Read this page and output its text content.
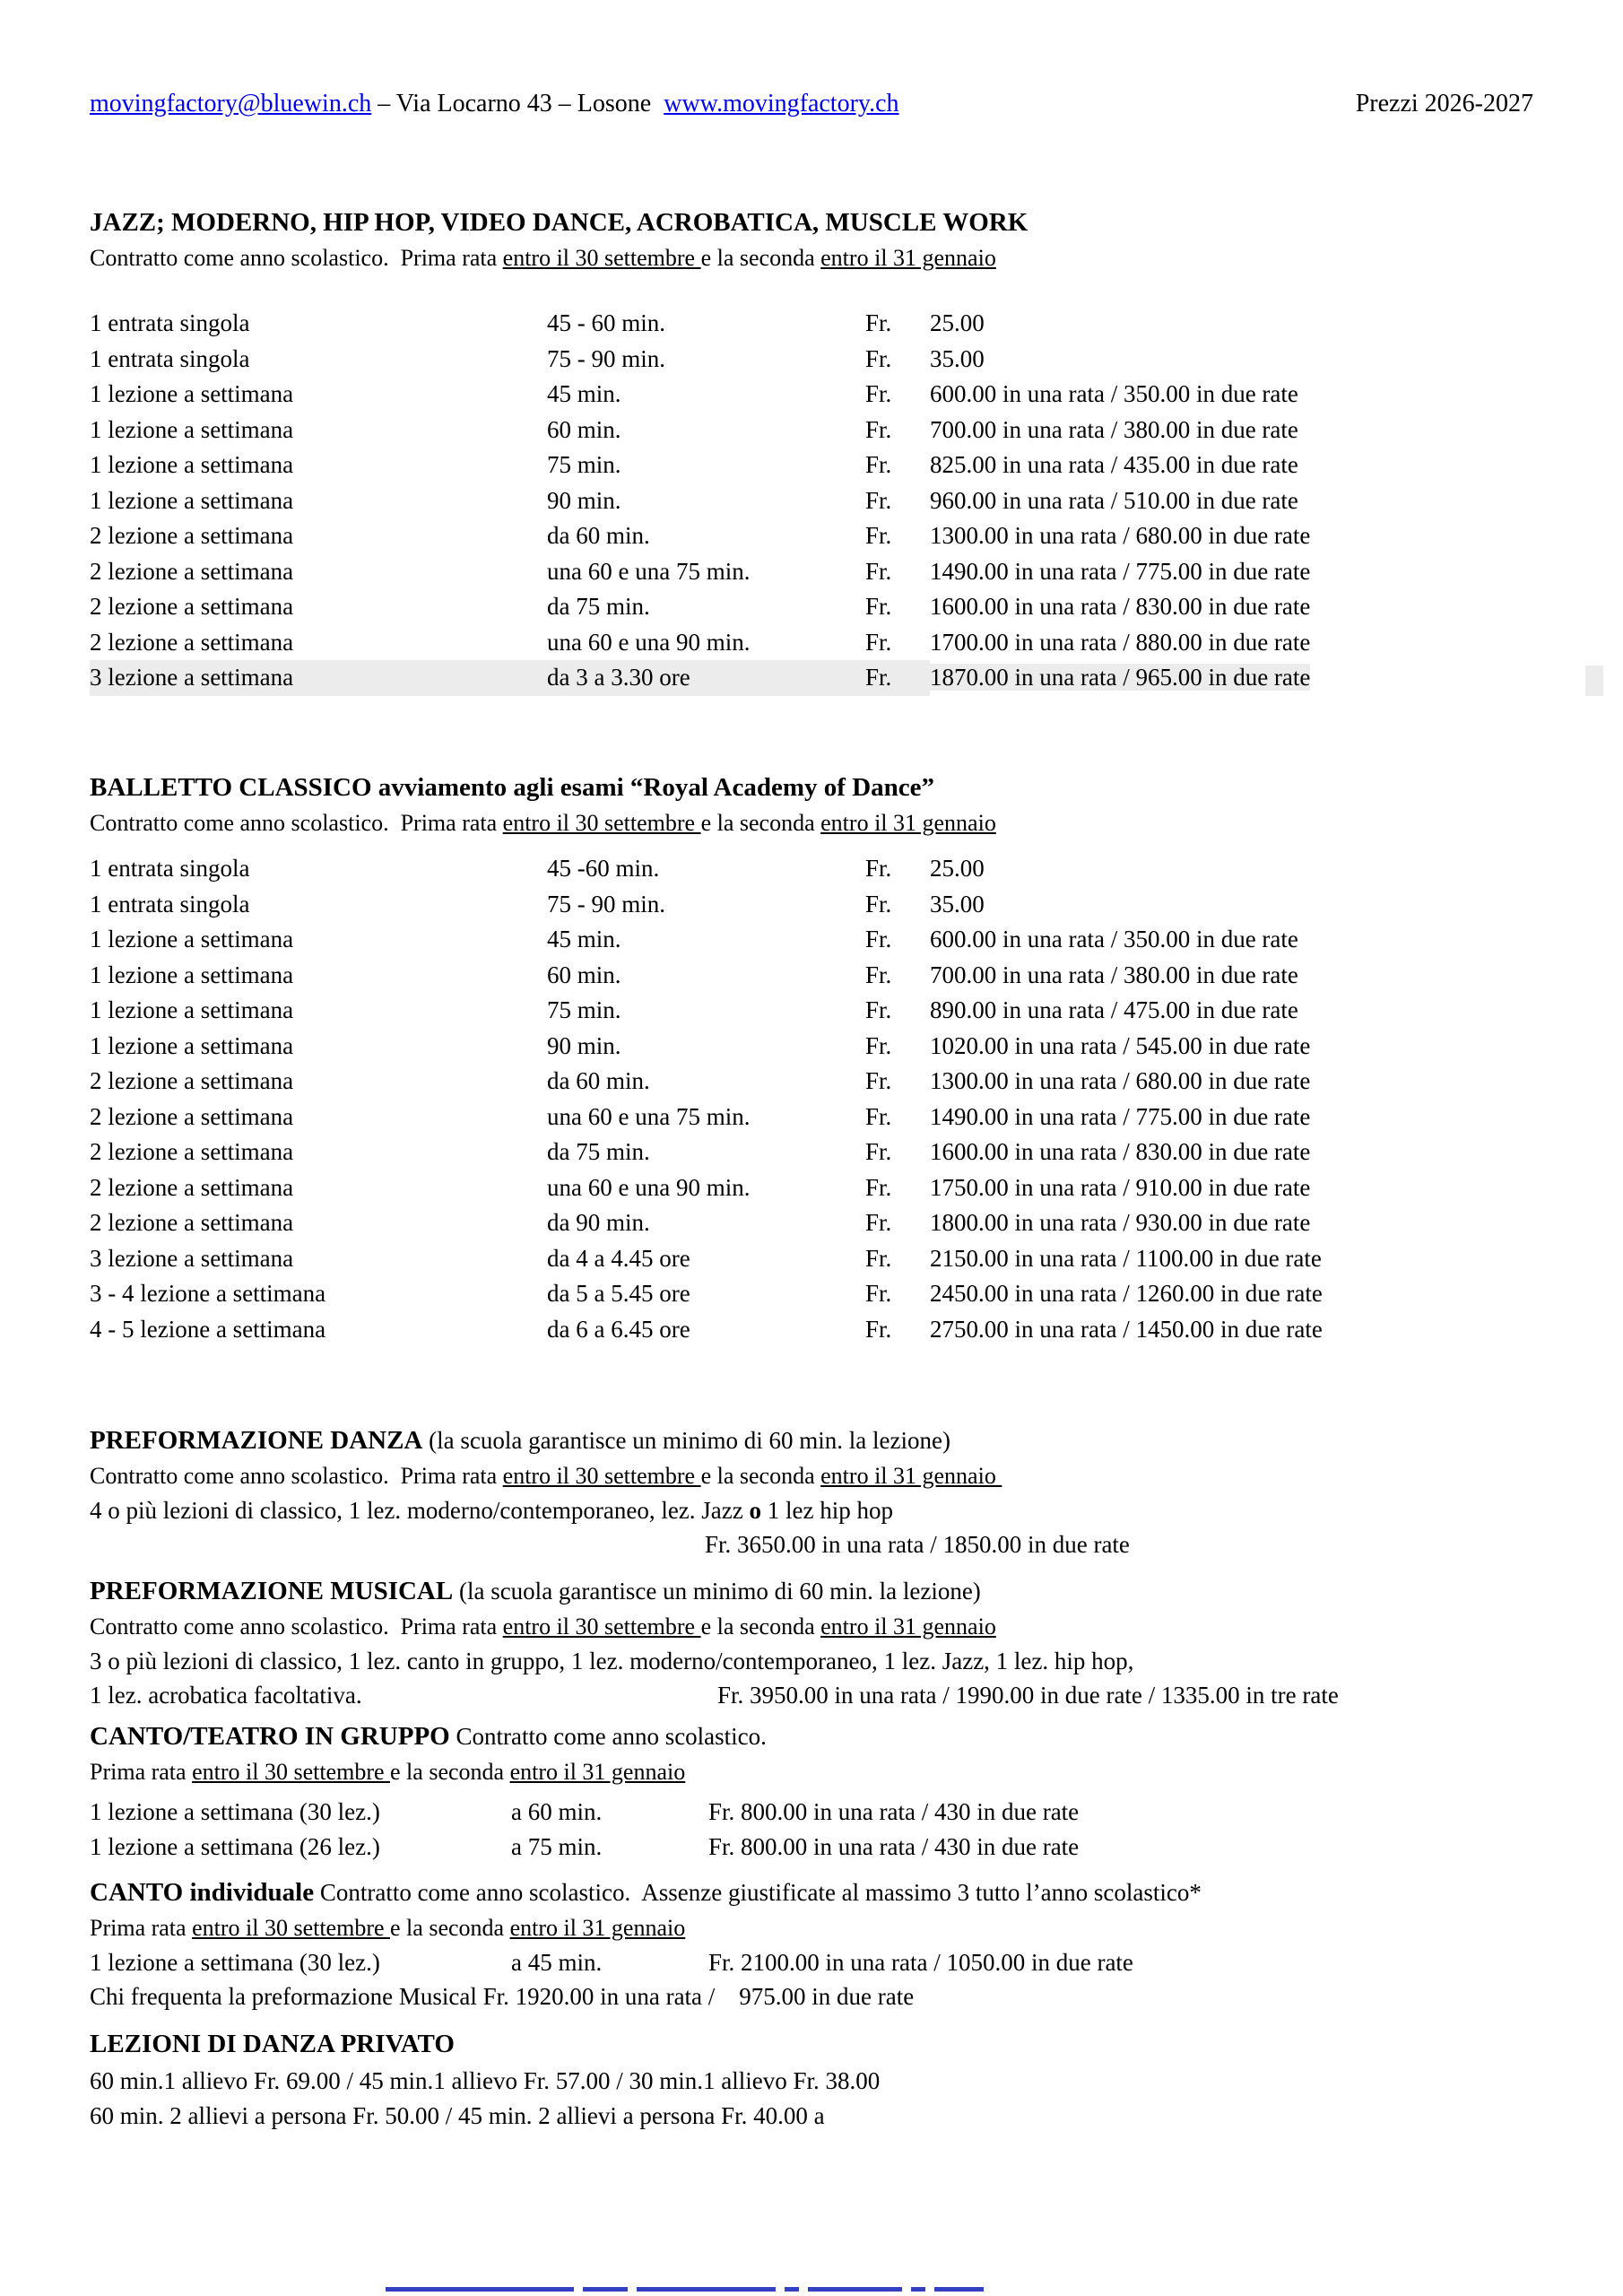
movingfactory@bluewin.ch – Via Locarno 43 – Losone  www.movingfactory.ch	Prezzi 2026-2027
JAZZ; MODERNO, HIP HOP, VIDEO DANCE, ACROBATICA, MUSCLE WORK
Contratto come anno scolastico.  Prima rata entro il 30 settembre e la seconda entro il 31 gennaio
1 entrata singola	45 - 60 min.	Fr.	25.00
1 entrata singola	75 - 90 min.	Fr.	35.00
1 lezione a settimana	45 min.	Fr.	600.00 in una rata / 350.00 in due rate
1 lezione a settimana	60 min.	Fr.	700.00 in una rata / 380.00 in due rate
1 lezione a settimana	75 min.	Fr.	825.00 in una rata / 435.00 in due rate
1 lezione a settimana	90 min.	Fr.	960.00 in una rata / 510.00 in due rate
2 lezione a settimana	da 60 min.	Fr.	1300.00 in una rata / 680.00 in due rate
2 lezione a settimana	una 60 e una 75 min.	Fr.	1490.00 in una rata / 775.00 in due rate
2 lezione a settimana	da 75 min.	Fr.	1600.00 in una rata / 830.00 in due rate
2 lezione a settimana	una 60 e una 90 min.	Fr.	1700.00 in una rata / 880.00 in due rate
3 lezione a settimana	da 3 a 3.30 ore	Fr.	1870.00 in una rata / 965.00 in due rate
BALLETTO CLASSICO avviamento agli esami “Royal Academy of Dance”
Contratto come anno scolastico.  Prima rata entro il 30 settembre e la seconda entro il 31 gennaio
1 entrata singola	45 -60 min.	Fr.	25.00
1 entrata singola	75 - 90 min.	Fr.	35.00
1 lezione a settimana	45 min.	Fr.	600.00 in una rata / 350.00 in due rate
1 lezione a settimana	60 min.	Fr.	700.00 in una rata / 380.00 in due rate
1 lezione a settimana	75 min.	Fr.	890.00 in una rata / 475.00 in due rate
1 lezione a settimana	90 min.	Fr.	1020.00 in una rata / 545.00 in due rate
2 lezione a settimana	da 60 min.	Fr.	1300.00 in una rata / 680.00 in due rate
2 lezione a settimana	una 60 e una 75 min.	Fr.	1490.00 in una rata / 775.00 in due rate
2 lezione a settimana	da 75 min.	Fr.	1600.00 in una rata / 830.00 in due rate
2 lezione a settimana	una 60 e una 90 min.	Fr.	1750.00 in una rata / 910.00 in due rate
2 lezione a settimana	da 90 min.	Fr.	1800.00 in una rata / 930.00 in due rate
3 lezione a settimana	da 4 a 4.45 ore	Fr.	2150.00 in una rata / 1100.00 in due rate
3 - 4 lezione a settimana	da 5 a 5.45 ore	Fr.	2450.00 in una rata / 1260.00 in due rate
4 - 5 lezione a settimana	da 6 a 6.45 ore	Fr.	2750.00 in una rata / 1450.00 in due rate
PREFORMAZIONE DANZA (la scuola garantisce un minimo di 60 min. la lezione)
Contratto come anno scolastico.  Prima rata entro il 30 settembre e la seconda entro il 31 gennaio
4 o più lezioni di classico, 1 lez. moderno/contemporaneo, lez. Jazz o 1 lez hip hop
Fr. 3650.00 in una rata / 1850.00 in due rate
PREFORMAZIONE MUSICAL (la scuola garantisce un minimo di 60 min. la lezione)
Contratto come anno scolastico.  Prima rata entro il 30 settembre e la seconda entro il 31 gennaio
3 o più lezioni di classico, 1 lez. canto in gruppo, 1 lez. moderno/contemporaneo, 1 lez. Jazz, 1 lez. hip hop,
1 lez. acrobatica facoltativa.	Fr. 3950.00 in una rata / 1990.00 in due rate / 1335.00 in tre rate
CANTO/TEATRO IN GRUPPO Contratto come anno scolastico.
Prima rata entro il 30 settembre e la seconda entro il 31 gennaio
1 lezione a settimana (30 lez.)	a 60 min.	Fr. 800.00 in una rata / 430 in due rate
1 lezione a settimana (26 lez.)	a 75 min.	Fr. 800.00 in una rata / 430 in due rate
CANTO individuale Contratto come anno scolastico.  Assenze giustificate al massimo 3 tutto l’anno scolastico*
Prima rata entro il 30 settembre e la seconda entro il 31 gennaio
1 lezione a settimana (30 lez.)	a 45 min.	Fr. 2100.00 in una rata / 1050.00 in due rate
Chi frequenta la preformazione Musical Fr. 1920.00 in una rata /    975.00 in due rate
LEZIONI DI DANZA PRIVATO
60 min.1 allievo Fr. 69.00 / 45 min.1 allievo Fr. 57.00 / 30 min.1 allievo Fr. 38.00
60 min. 2 allievi a persona Fr. 50.00 / 45 min. 2 allievi a persona Fr. 40.00 a
